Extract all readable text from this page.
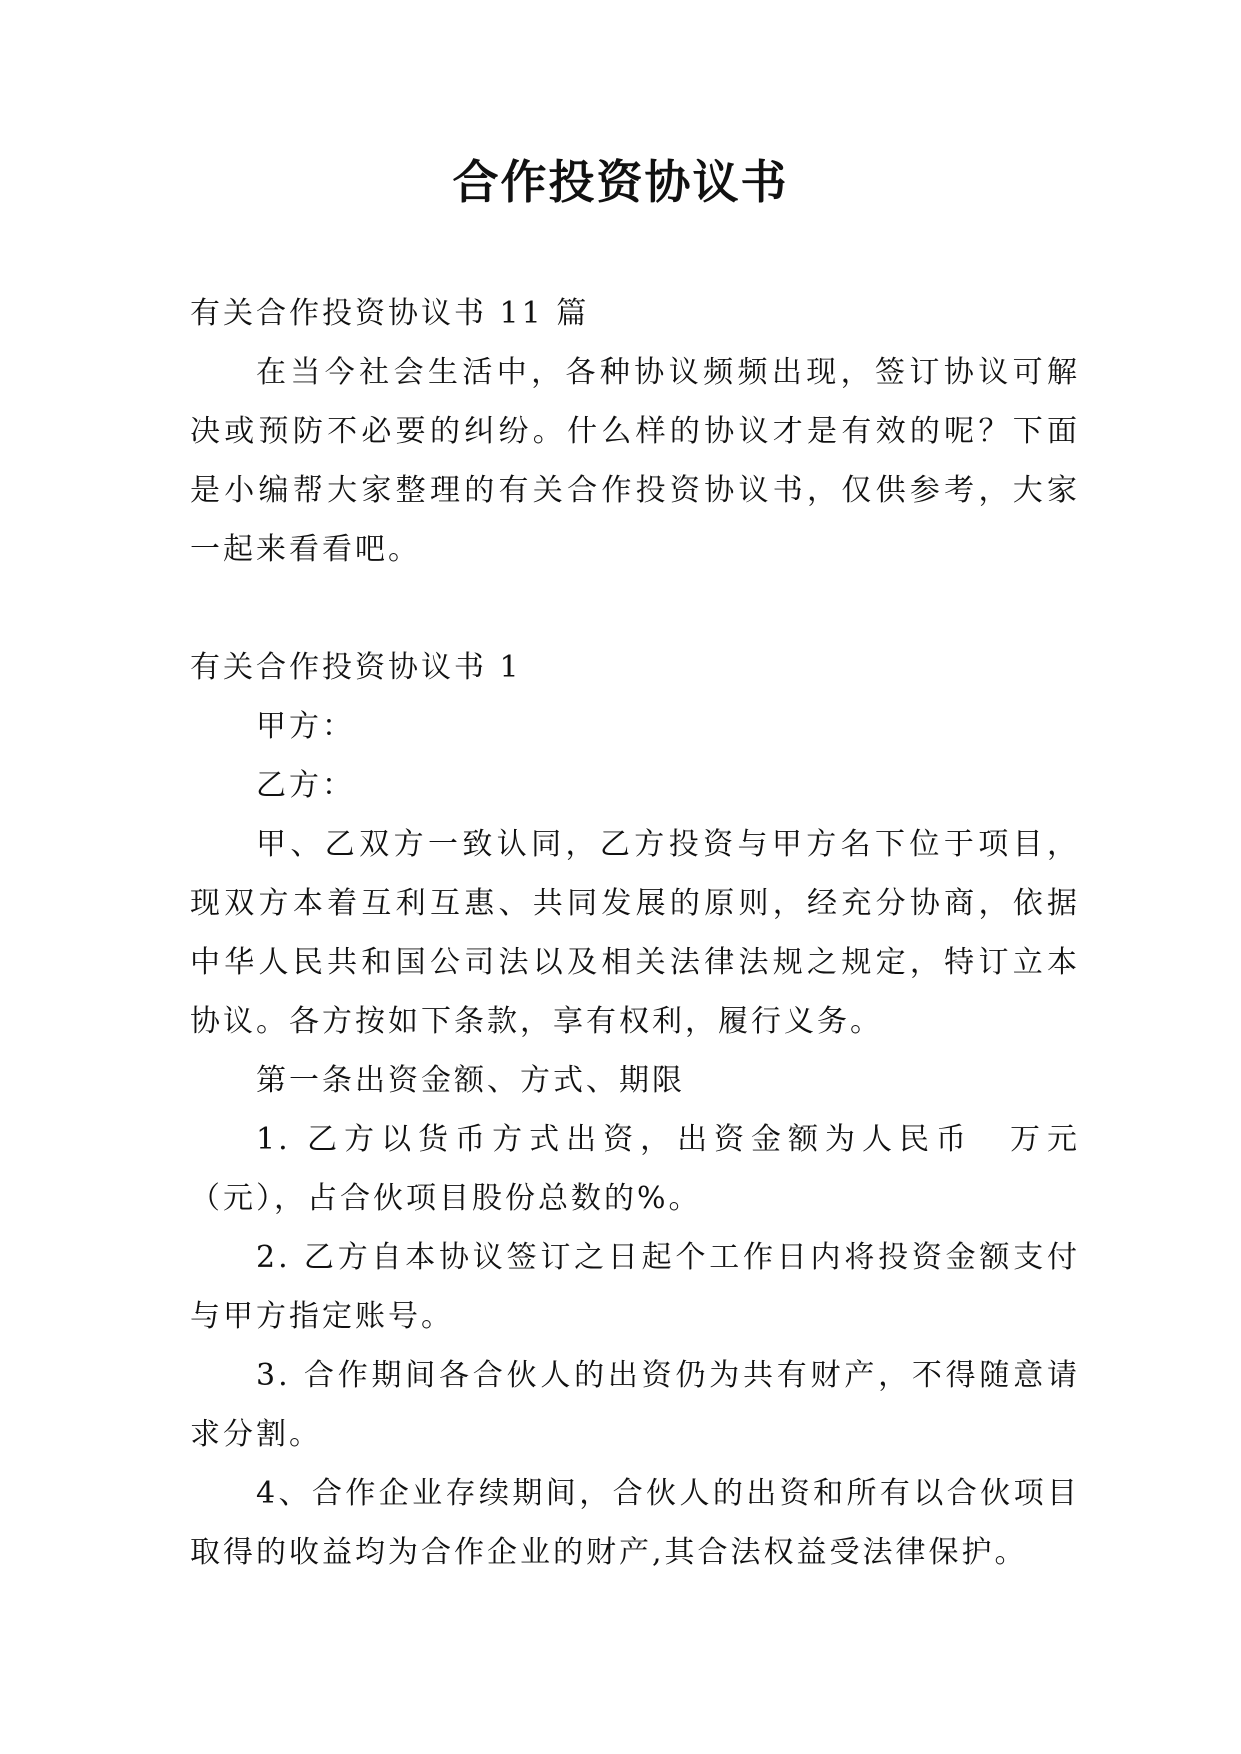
合作投资协议书

有关合作投资协议书 11 篇

在当今社会生活中，各种协议频频出现，签订协议可解决或预防不必要的纠纷。什么样的协议才是有效的呢？下面是小编帮大家整理的有关合作投资协议书，仅供参考，大家一起来看看吧。

有关合作投资协议书 1

甲方：

乙方：

甲、乙双方一致认同，乙方投资与甲方名下位于项目，现双方本着互利互惠、共同发展的原则，经充分协商，依据中华人民共和国公司法以及相关法律法规之规定，特订立本协议。各方按如下条款，享有权利，履行义务。

第一条出资金额、方式、期限

1. 乙方以货币方式出资，出资金额为人民币　万元（元），占合伙项目股份总数的%。

2. 乙方自本协议签订之日起个工作日内将投资金额支付与甲方指定账号。

3. 合作期间各合伙人的出资仍为共有财产，不得随意请求分割。

4、合作企业存续期间，合伙人的出资和所有以合伙项目取得的收益均为合作企业的财产,其合法权益受法律保护。
